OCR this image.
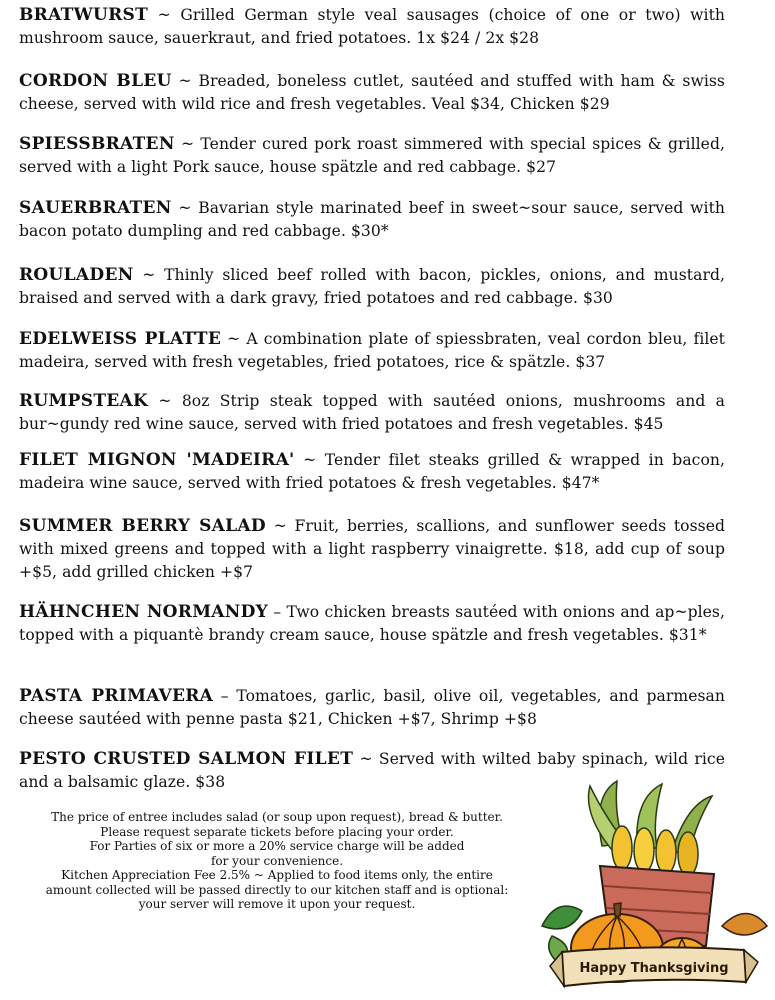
BRATWURST ~ Grilled German style veal sausages (choice of one or two) with mushroom sauce, sauerkraut, and fried potatoes. 1x $24 / 2x $28

CORDON BLEU ~ Breaded, boneless cutlet, sautéed and stuffed with ham & swiss cheese, served with wild rice and fresh vegetables. Veal $34, Chicken $29

SPIESSBRATEN ~ Tender cured pork roast simmered with special spices & grilled, served with a light Pork sauce, house spätzle and red cabbage. $27

SAUERBRATEN ~ Bavarian style marinated beef in sweet~sour sauce, served with bacon potato dumpling and red cabbage. $30*

ROULADEN ~ Thinly sliced beef rolled with bacon, pickles, onions, and mustard, braised and served with a dark gravy, fried potatoes and red cabbage. $30

EDELWEISS PLATTE ~ A combination plate of spiessbraten, veal cordon bleu, filet madeira, served with fresh vegetables, fried potatoes, rice & spätzle. $37

RUMPSTEAK ~ 8oz Strip steak topped with sautéed onions, mushrooms and a bur~gundy red wine sauce, served with fried potatoes and fresh vegetables. $45

FILET MIGNON 'MADEIRA' ~ Tender filet steaks grilled & wrapped in bacon, madeira wine sauce, served with fried potatoes & fresh vegetables. $47*

SUMMER BERRY SALAD ~ Fruit, berries, scallions, and sunflower seeds tossed with mixed greens and topped with a light raspberry vinaigrette. $18, add cup of soup +$5, add grilled chicken +$7

HÄHNCHEN NORMANDY – Two chicken breasts sautéed with onions and ap~ples, topped with a piquantè brandy cream sauce, house spätzle and fresh vegetables. $31*

PASTA PRIMAVERA – Tomatoes, garlic, basil, olive oil, vegetables, and parmesan cheese sautéed with penne pasta $21, Chicken +$7, Shrimp +$8

PESTO CRUSTED SALMON FILET ~ Served with wilted baby spinach, wild rice and a balsamic glaze. $38

The price of entree includes salad (or soup upon request), bread & butter.
Please request separate tickets before placing your order.
For Parties of six or more a 20% service charge will be added
for your convenience.
Kitchen Appreciation Fee 2.5% ~ Applied to food items only, the entire
amount collected will be passed directly to our kitchen staff and is optional:
your server will remove it upon your request.
Happy Thanksgiving
